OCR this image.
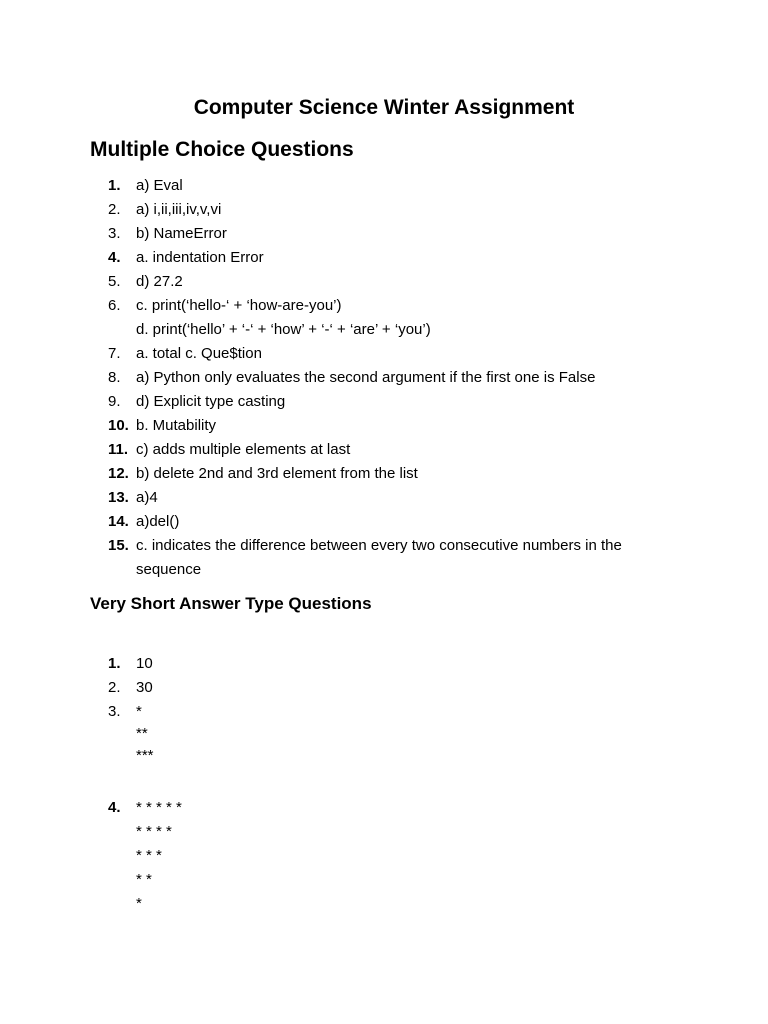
Computer Science Winter Assignment
Multiple Choice Questions
1.	a) Eval
2.	a) i,ii,iii,iv,v,vi
3.	b) NameError
4.	a. indentation Error
5.	d) 27.2
6.	c. print(‘hello-‘ + ‘how-are-you’)
d. print(‘hello’ + ‘-‘ + ‘how’ + ‘-‘ + ‘are’ + ‘you’)
7.	a. total c. Que$tion
8.	a) Python only evaluates the second argument if the first one is False
9.	d) Explicit type casting
10. b. Mutability
11. c) adds multiple elements at last
12. b) delete 2nd and 3rd element from the list
13. a)4
14. a)del()
15. c. indicates the difference between every two consecutive numbers in the
sequence
Very Short Answer Type Questions
1.	10
2.	30
3.	*
**
***
4.	* * * * *
* * * *
* * *
* *
*
